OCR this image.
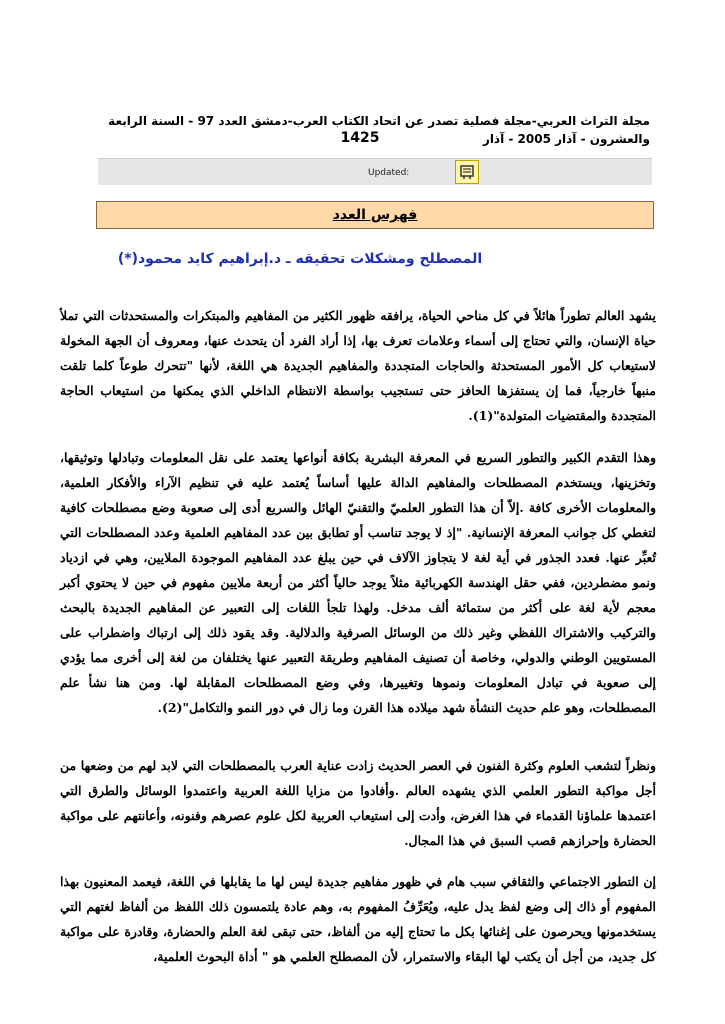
مجلة التراث العربي-مجلة فصلية تصدر عن اتحاد الكتاب العرب-دمشق العدد 97 - السنة الرابعة والعشرون - آذار 2005 - آذار
1425
Updated:
فهرس العدد
المصطلح ومشكلات تحقيقه ـ د.إبراهيم كايد محمود(*)

يشهد العالم تطوراً هائلاً في كل مناحي الحياة، يرافقه ظهور الكثير من المفاهيم والمبتكرات والمستحدثات التي تملأ حياة الإنسان، والتي تحتاج إلى أسماء وعلامات تعرف بها، إذا أراد الفرد أن يتحدث عنها، ومعروف أن الجهة المخولة لاستيعاب كل الأمور المستحدثة والحاجات المتجددة والمفاهيم الجديدة هي اللغة، لأنها "تتحرك طوعاً كلما تلقت منبهاً خارجياً، فما إن يستفزها الحافز حتى تستجيب بواسطة الانتظام الداخلي الذي يمكنها من استيعاب الحاجة المتجددة والمقتضيات المتولدة"(1).

وهذا التقدم الكبير والتطور السريع في المعرفة البشرية بكافة أنواعها يعتمد على نقل المعلومات وتبادلها وتوثيقها، وتخزينها، ويستخدم المصطلحات والمفاهيم الدالة عليها أساساً يُعتمد عليه في تنظيم الآراء والأفكار العلمية، والمعلومات الأخرى كافة .إلاّ أن هذا التطور العلميّ والتقنيّ الهائل والسريع أدى إلى صعوبة وضع مصطلحات كافية لتغطي كل جوانب المعرفة الإنسانية. "إذ لا يوجد تناسب أو تطابق بين عدد المفاهيم العلمية وعدد المصطلحات التي تُعبِّر عنها. فعدد الجذور في أية لغة لا يتجاوز الآلاف في حين يبلغ عدد المفاهيم الموجودة الملايين، وهي في ازدياد ونمو مضطردين، ففي حقل الهندسة الكهربائية مثلاً يوجد حالياً أكثر من أربعة ملايين مفهوم في حين لا يحتوي أكبر معجم لأية لغة على أكثر من ستمائة ألف مدخل. ولهذا تلجأ اللغات إلى التعبير عن المفاهيم الجديدة بالبحث والتركيب والاشتراك اللفظي وغير ذلك من الوسائل الصرفية والدلالية. وقد يقود ذلك إلى ارتباك واضطراب على المستويين الوطني والدولي، وخاصة أن تصنيف المفاهيم وطريقة التعبير عنها يختلفان من لغة إلى أخرى مما يؤدي إلى صعوبة في تبادل المعلومات ونموها وتغييرها، وفي وضع المصطلحات المقابلة لها. ومن هنا نشأ علم المصطلحات، وهو علم حديث النشأة شهد ميلاده هذا القرن وما زال في دور النمو والتكامل"(2).

ونظراً لتشعب العلوم وكثرة الفنون في العصر الحديث زادت عناية العرب بالمصطلحات التي لابد لهم من وضعها من أجل مواكبة التطور العلمي الذي يشهده العالم .وأفادوا من مزايا اللغة العربية واعتمدوا الوسائل والطرق التي اعتمدها علماؤنا القدماء في هذا الغرض، وأدت إلى استيعاب العربية لكل علوم عصرهم وفنونه، وأعانتهم على مواكبة الحضارة وإحرازهم قصب السبق في هذا المجال.

إن التطور الاجتماعي والثقافي سبب هام في ظهور مفاهيم جديدة ليس لها ما يقابلها في اللغة، فيعمد المعنيون بهذا المفهوم أو ذاك إلى وضع لفظ يدل عليه، ويُعَرِّفُ المفهوم به، وهم عادة يلتمسون ذلك اللفظ من ألفاظ لغتهم التي يستخدمونها ويحرصون على إغنائها بكل ما تحتاج إليه من ألفاظ، حتى تبقى لغة العلم والحضارة، وقادرة على مواكبة كل جديد، من أجل أن يكتب لها البقاء والاستمرار، لأن المصطلح العلمي هو " أداة البحوث العلمية،
